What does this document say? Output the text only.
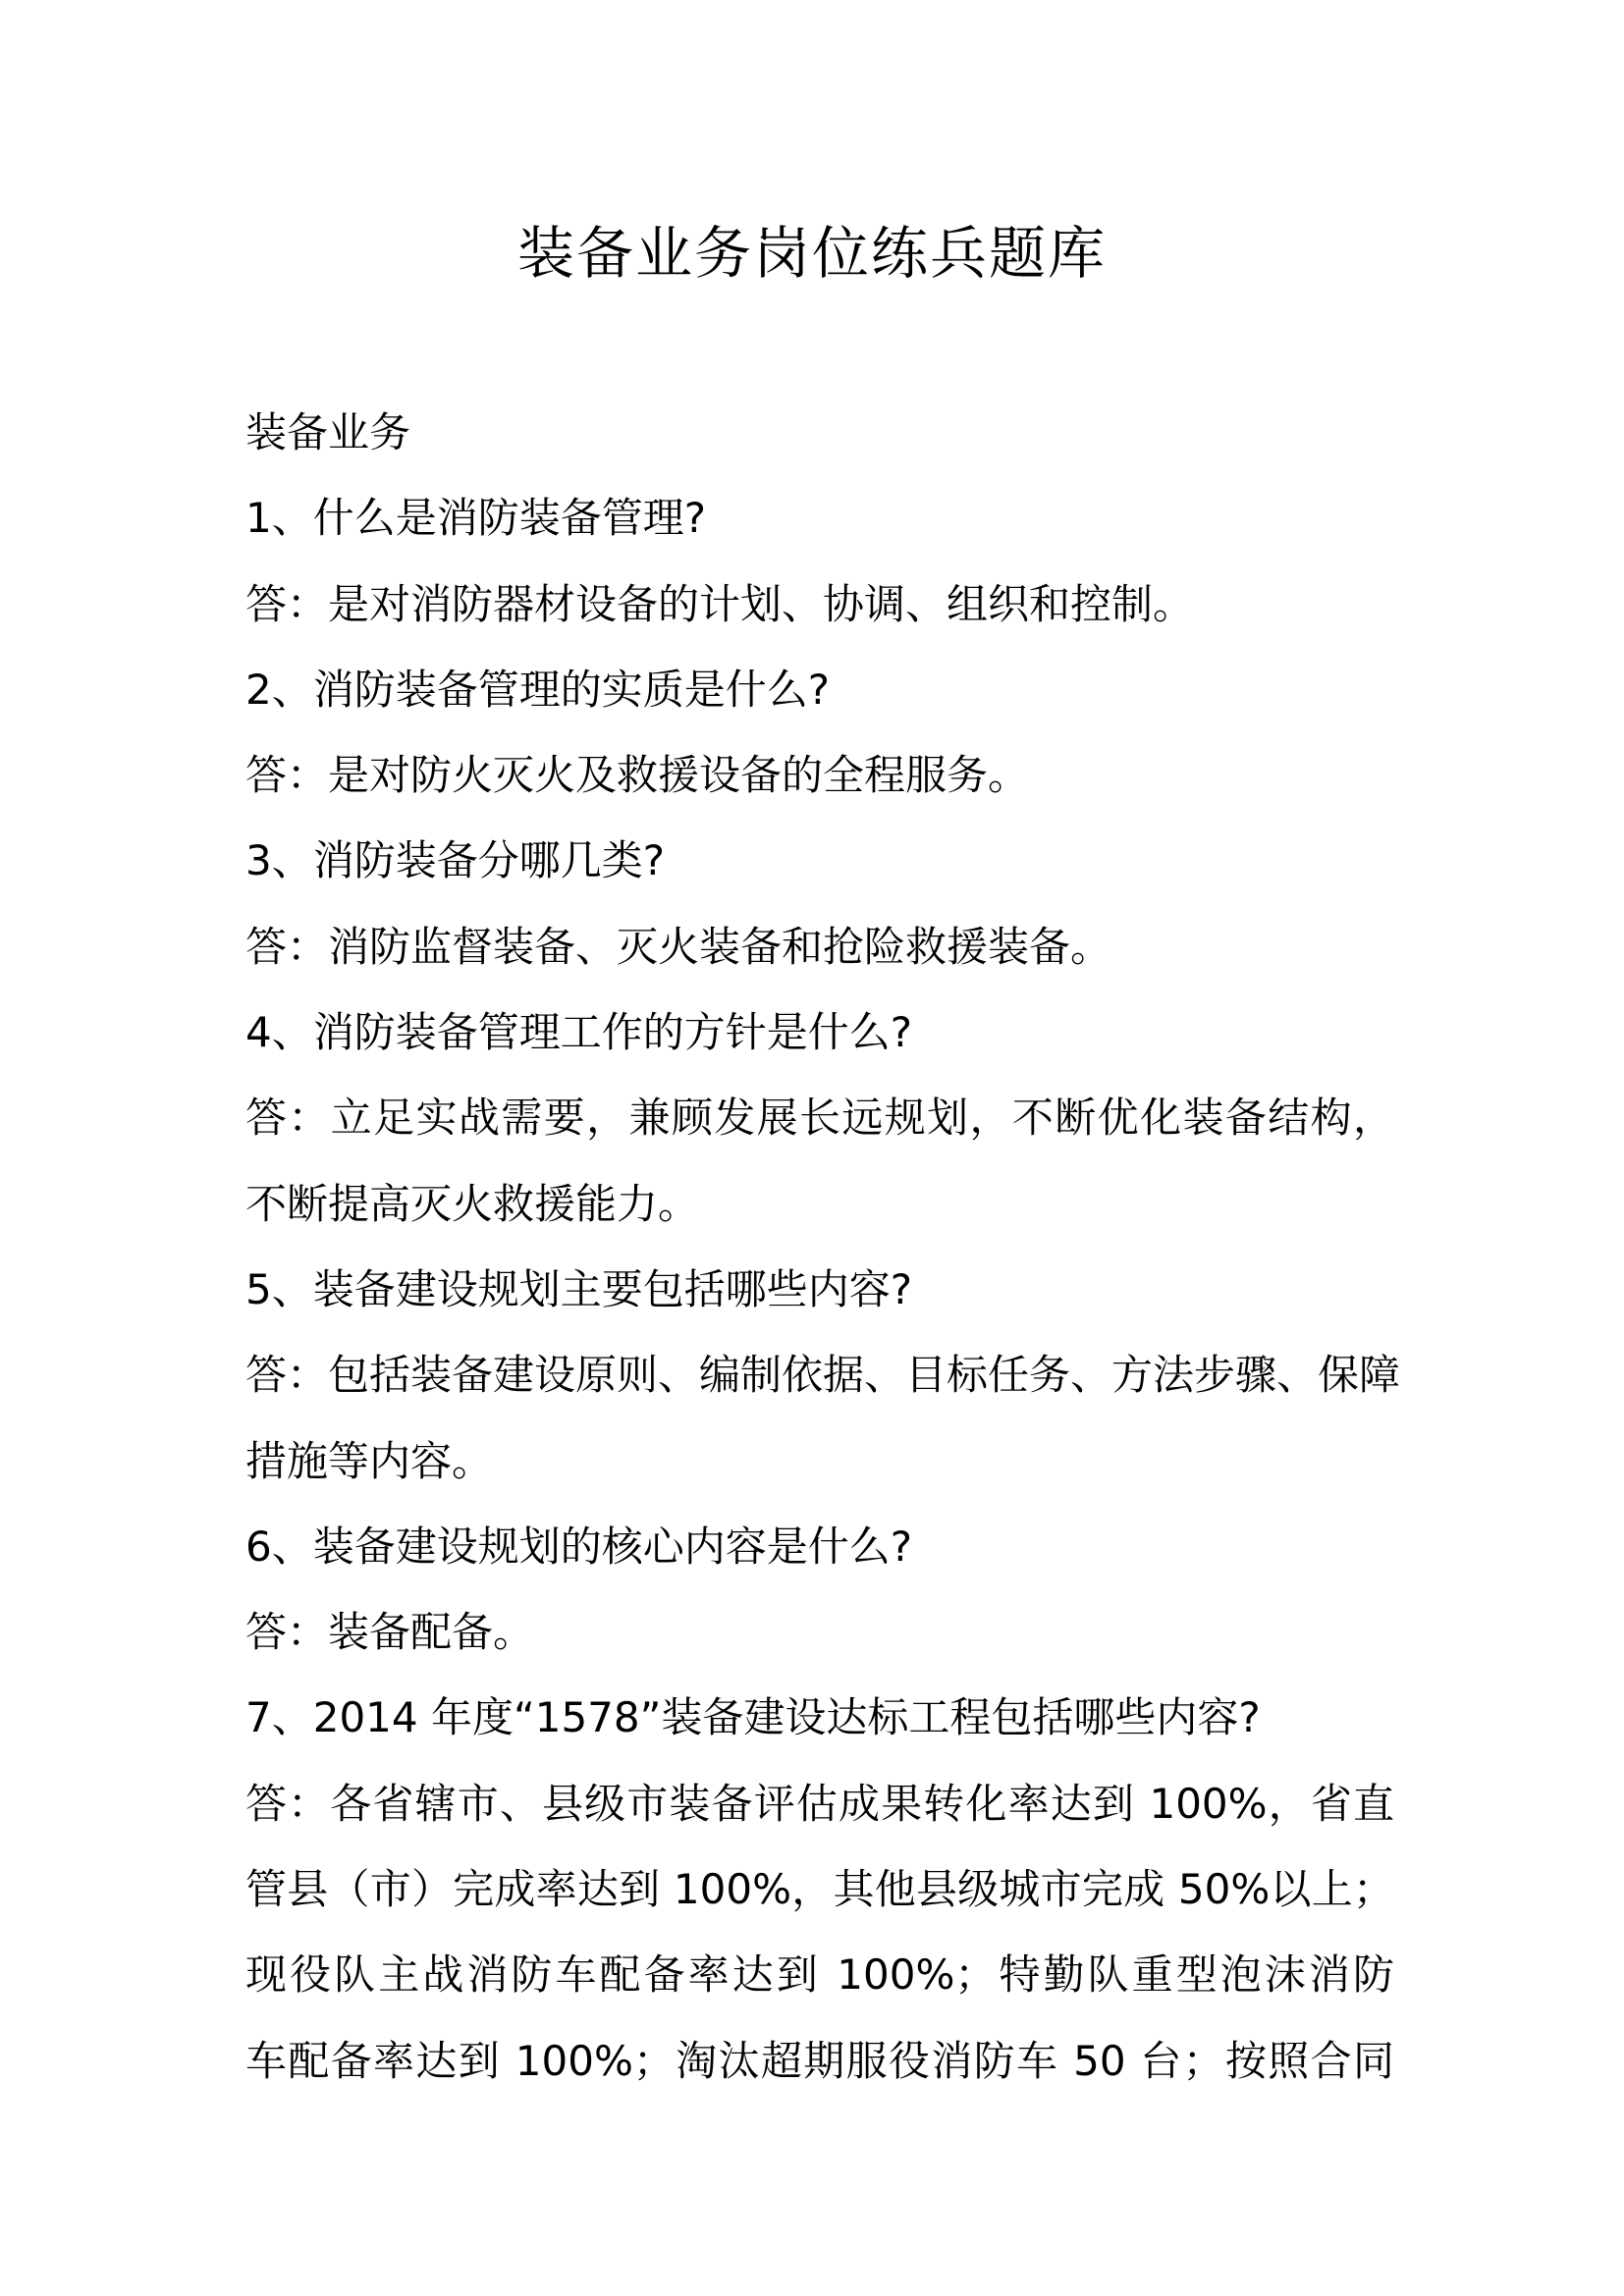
装备业务岗位练兵题库
装备业务
1、什么是消防装备管理?
答：是对消防器材设备的计划、协调、组织和控制。
2、消防装备管理的实质是什么?
答：是对防火灭火及救援设备的全程服务。
3、消防装备分哪几类?
答：消防监督装备、灭火装备和抢险救援装备。
4、消防装备管理工作的方针是什么?
答：立足实战需要，兼顾发展长远规划，不断优化装备结构，
不断提高灭火救援能力。
5、装备建设规划主要包括哪些内容?
答：包括装备建设原则、编制依据、目标任务、方法步骤、保障
措施等内容。
6、装备建设规划的核心内容是什么?
答：装备配备。
7、2014 年度“1578”装备建设达标工程包括哪些内容?
答：各省辖市、县级市装备评估成果转化率达到 100%，省直
管县（市）完成率达到 100%，其他县级城市完成 50%以上；
现役队主战消防车配备率达到 100%；特勤队重型泡沫消防
车配备率达到 100%；淘汰超期服役消防车 50 台；按照合同
